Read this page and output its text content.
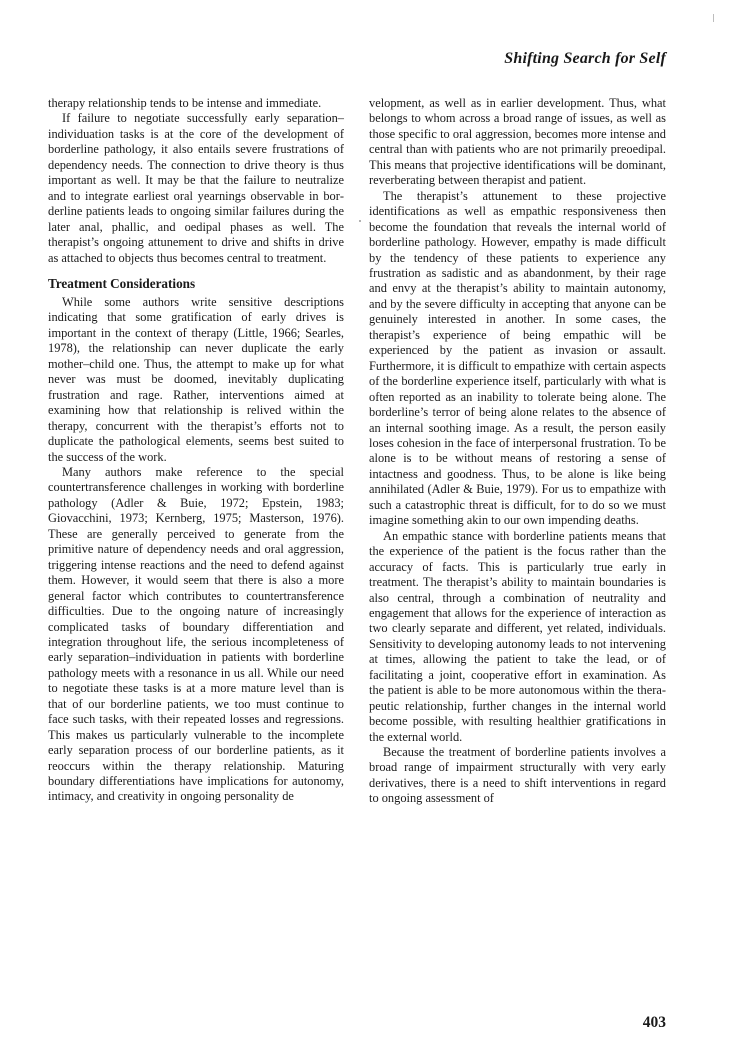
Shifting Search for Self

therapy relationship tends to be intense and immediate.

If failure to negotiate successfully early separation–individuation tasks is at the core of the development of borderline pathology, it also entails severe frustrations of dependency needs. The connection to drive theory is thus important as well. It may be that the failure to neutralize and to integrate earliest oral yearnings observable in borderline patients leads to ongoing similar failures during the later anal, phallic, and oedipal phases as well. The therapist’s ongoing attunement to drive and shifts in drive as attached to objects thus becomes central to treatment.

Treatment Considerations

While some authors write sensitive descriptions indicating that some gratification of early drives is important in the context of therapy (Little, 1966; Searles, 1978), the relationship can never duplicate the early mother–child one. Thus, the attempt to make up for what never was must be doomed, inevitably duplicating frustration and rage. Rather, interventions aimed at examining how that relationship is relived within the therapy, concurrent with the therapist’s efforts not to duplicate the pathological elements, seems best suited to the success of the work.

Many authors make reference to the special countertransference challenges in working with borderline pathology (Adler & Buie, 1972; Epstein, 1983; Giovacchini, 1973; Kernberg, 1975; Masterson, 1976). These are generally perceived to generate from the primitive nature of dependency needs and oral aggression, triggering intense reactions and the need to defend against them. However, it would seem that there is also a more general factor which contributes to countertransference difficulties. Due to the ongoing nature of increasingly complicated tasks of boundary differentiation and integration throughout life, the serious incompleteness of early separation–individuation in patients with borderline pathology meets with a resonance in us all. While our need to negotiate these tasks is at a more mature level than is that of our borderline patients, we too must continue to face such tasks, with their repeated losses and regressions. This makes us particularly vulnerable to the incomplete early separation process of our borderline patients, as it reoccurs within the therapy relationship. Maturing boundary differentiations have implications for autonomy, intimacy, and creativity in ongoing personality de

velopment, as well as in earlier development. Thus, what belongs to whom across a broad range of issues, as well as those specific to oral aggression, becomes more intense and central than with patients who are not primarily preoedipal. This means that projective identifications will be dominant, reverberating between therapist and patient.

The therapist’s attunement to these projective identifications as well as empathic responsiveness then become the foundation that reveals the internal world of borderline pathology. However, empathy is made difficult by the tendency of these patients to experience any frustration as sadistic and as abandonment, by their rage and envy at the therapist’s ability to maintain autonomy, and by the severe difficulty in accepting that anyone can be genuinely interested in another. In some cases, the therapist’s experience of being empathic will be experienced by the patient as invasion or assault. Furthermore, it is difficult to empathize with certain aspects of the borderline experience itself, particularly with what is often reported as an inability to tolerate being alone. The borderline’s terror of being alone relates to the absence of an internal soothing image. As a result, the person easily loses cohesion in the face of interpersonal frustration. To be alone is to be without means of restoring a sense of intactness and goodness. Thus, to be alone is like being annihilated (Adler & Buie, 1979). For us to empathize with such a catastrophic threat is difficult, for to do so we must imagine something akin to our own impending deaths.

An empathic stance with borderline patients means that the experience of the patient is the focus rather than the accuracy of facts. This is particularly true early in treatment. The therapist’s ability to maintain boundaries is also central, through a combination of neutrality and engagement that allows for the experience of interaction as two clearly separate and different, yet related, individuals. Sensitivity to developing autonomy leads to not intervening at times, allowing the patient to take the lead, or of facilitating a joint, cooperative effort in examination. As the patient is able to be more autonomous within the therapeutic relationship, further changes in the internal world become possible, with resulting healthier gratifications in the external world.

Because the treatment of borderline patients involves a broad range of impairment structurally with very early derivatives, there is a need to shift interventions in regard to ongoing assessment of

403
